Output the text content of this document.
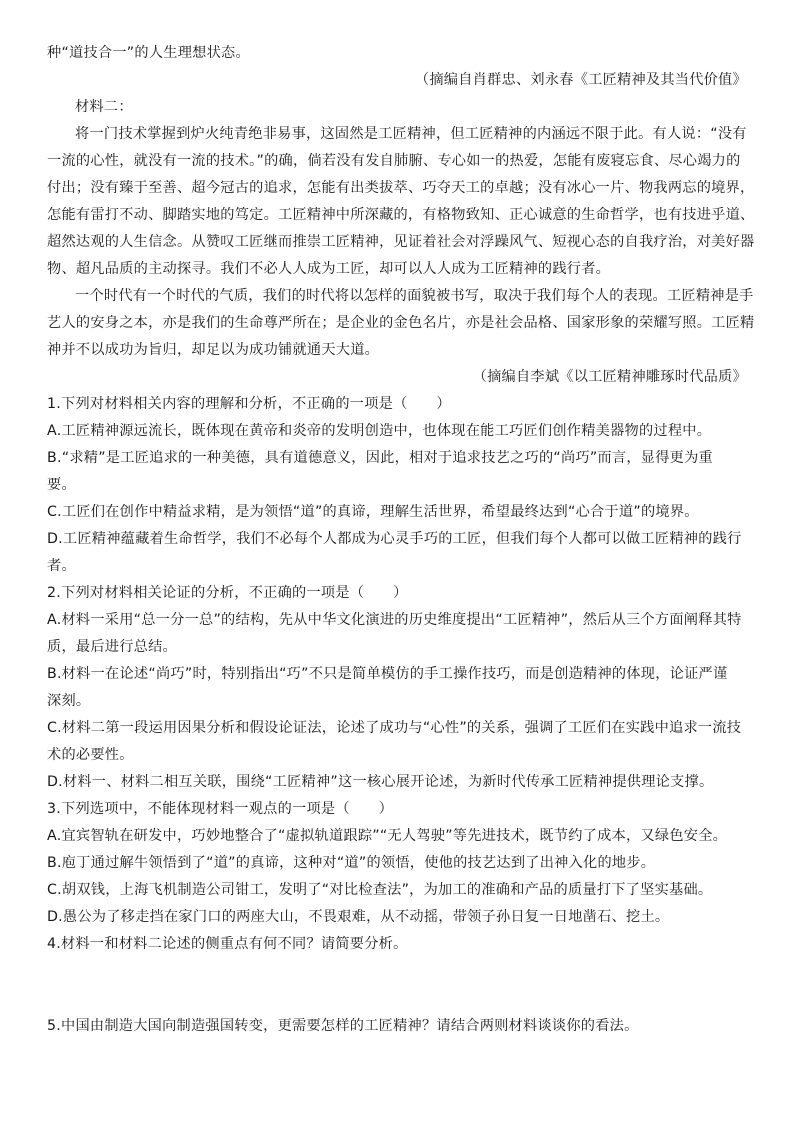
种“道技合一”的人生理想状态。
（摘编自肖群忠、刘永春《工匠精神及其当代价值》
材料二：
将一门技术掌握到炉火纯青绝非易事，这固然是工匠精神，但工匠精神的内涵远不限于此。有人说：“没有
一流的心性，就没有一流的技术。”的确，倘若没有发自肺腑、专心如一的热爱，怎能有废寝忘食、尽心竭力的
付出；没有臻于至善、超今冠古的追求，怎能有出类拔萃、巧夺天工的卓越；没有冰心一片、物我两忘的境界，
怎能有雷打不动、脚踏实地的笃定。工匠精神中所深藏的，有格物致知、正心诚意的生命哲学，也有技进乎道、
超然达观的人生信念。从赞叹工匠继而推崇工匠精神，见证着社会对浮躁风气、短视心态的自我疗治，对美好器
物、超凡品质的主动探寻。我们不必人人成为工匠，却可以人人成为工匠精神的践行者。
一个时代有一个时代的气质，我们的时代将以怎样的面貌被书写，取决于我们每个人的表现。工匠精神是手
艺人的安身之本，亦是我们的生命尊严所在；是企业的金色名片，亦是社会品格、国家形象的荣耀写照。工匠精
神并不以成功为旨归，却足以为成功铺就通天大道。
（摘编自李斌《以工匠精神雕琢时代品质》
1.下列对材料相关内容的理解和分析，不正确的一项是（　　）
A.工匠精神源远流长，既体现在黄帝和炎帝的发明创造中，也体现在能工巧匠们创作精美器物的过程中。
B.“求精”是工匠追求的一种美德，具有道德意义，因此，相对于追求技艺之巧的“尚巧”而言，显得更为重
要。
C.工匠们在创作中精益求精，是为领悟“道”的真谛，理解生活世界，希望最终达到“心合于道”的境界。
D.工匠精神蕴藏着生命哲学，我们不必每个人都成为心灵手巧的工匠，但我们每个人都可以做工匠精神的践行
者。
2.下列对材料相关论证的分析，不正确的一项是（　　）
A.材料一采用“总一分一总”的结构，先从中华文化演进的历史维度提出“工匠精神”，然后从三个方面阐释其特
质，最后进行总结。
B.材料一在论述“尚巧”时，特别指出“巧”不只是简单模仿的手工操作技巧，而是创造精神的体现，论证严谨
深刻。
C.材料二第一段运用因果分析和假设论证法，论述了成功与“心性”的关系，强调了工匠们在实践中追求一流技
术的必要性。
D.材料一、材料二相互关联，围绕“工匠精神”这一核心展开论述，为新时代传承工匠精神提供理论支撑。
3.下列选项中，不能体现材料一观点的一项是（　　）
A.宜宾智轨在研发中，巧妙地整合了“虚拟轨道跟踪”“无人驾驶”等先进技术，既节约了成本，又绿色安全。
B.庖丁通过解牛领悟到了“道”的真谛，这种对“道”的领悟，使他的技艺达到了出神入化的地步。
C.胡双钱，上海飞机制造公司钳工，发明了“对比检查法”，为加工的准确和产品的质量打下了坚实基础。
D.愚公为了移走挡在家门口的两座大山，不畏艰难，从不动摇，带领子孙日复一日地凿石、挖土。
4.材料一和材料二论述的侧重点有何不同？请简要分析。
5.中国由制造大国向制造强国转变，更需要怎样的工匠精神？请结合两则材料谈谈你的看法。
